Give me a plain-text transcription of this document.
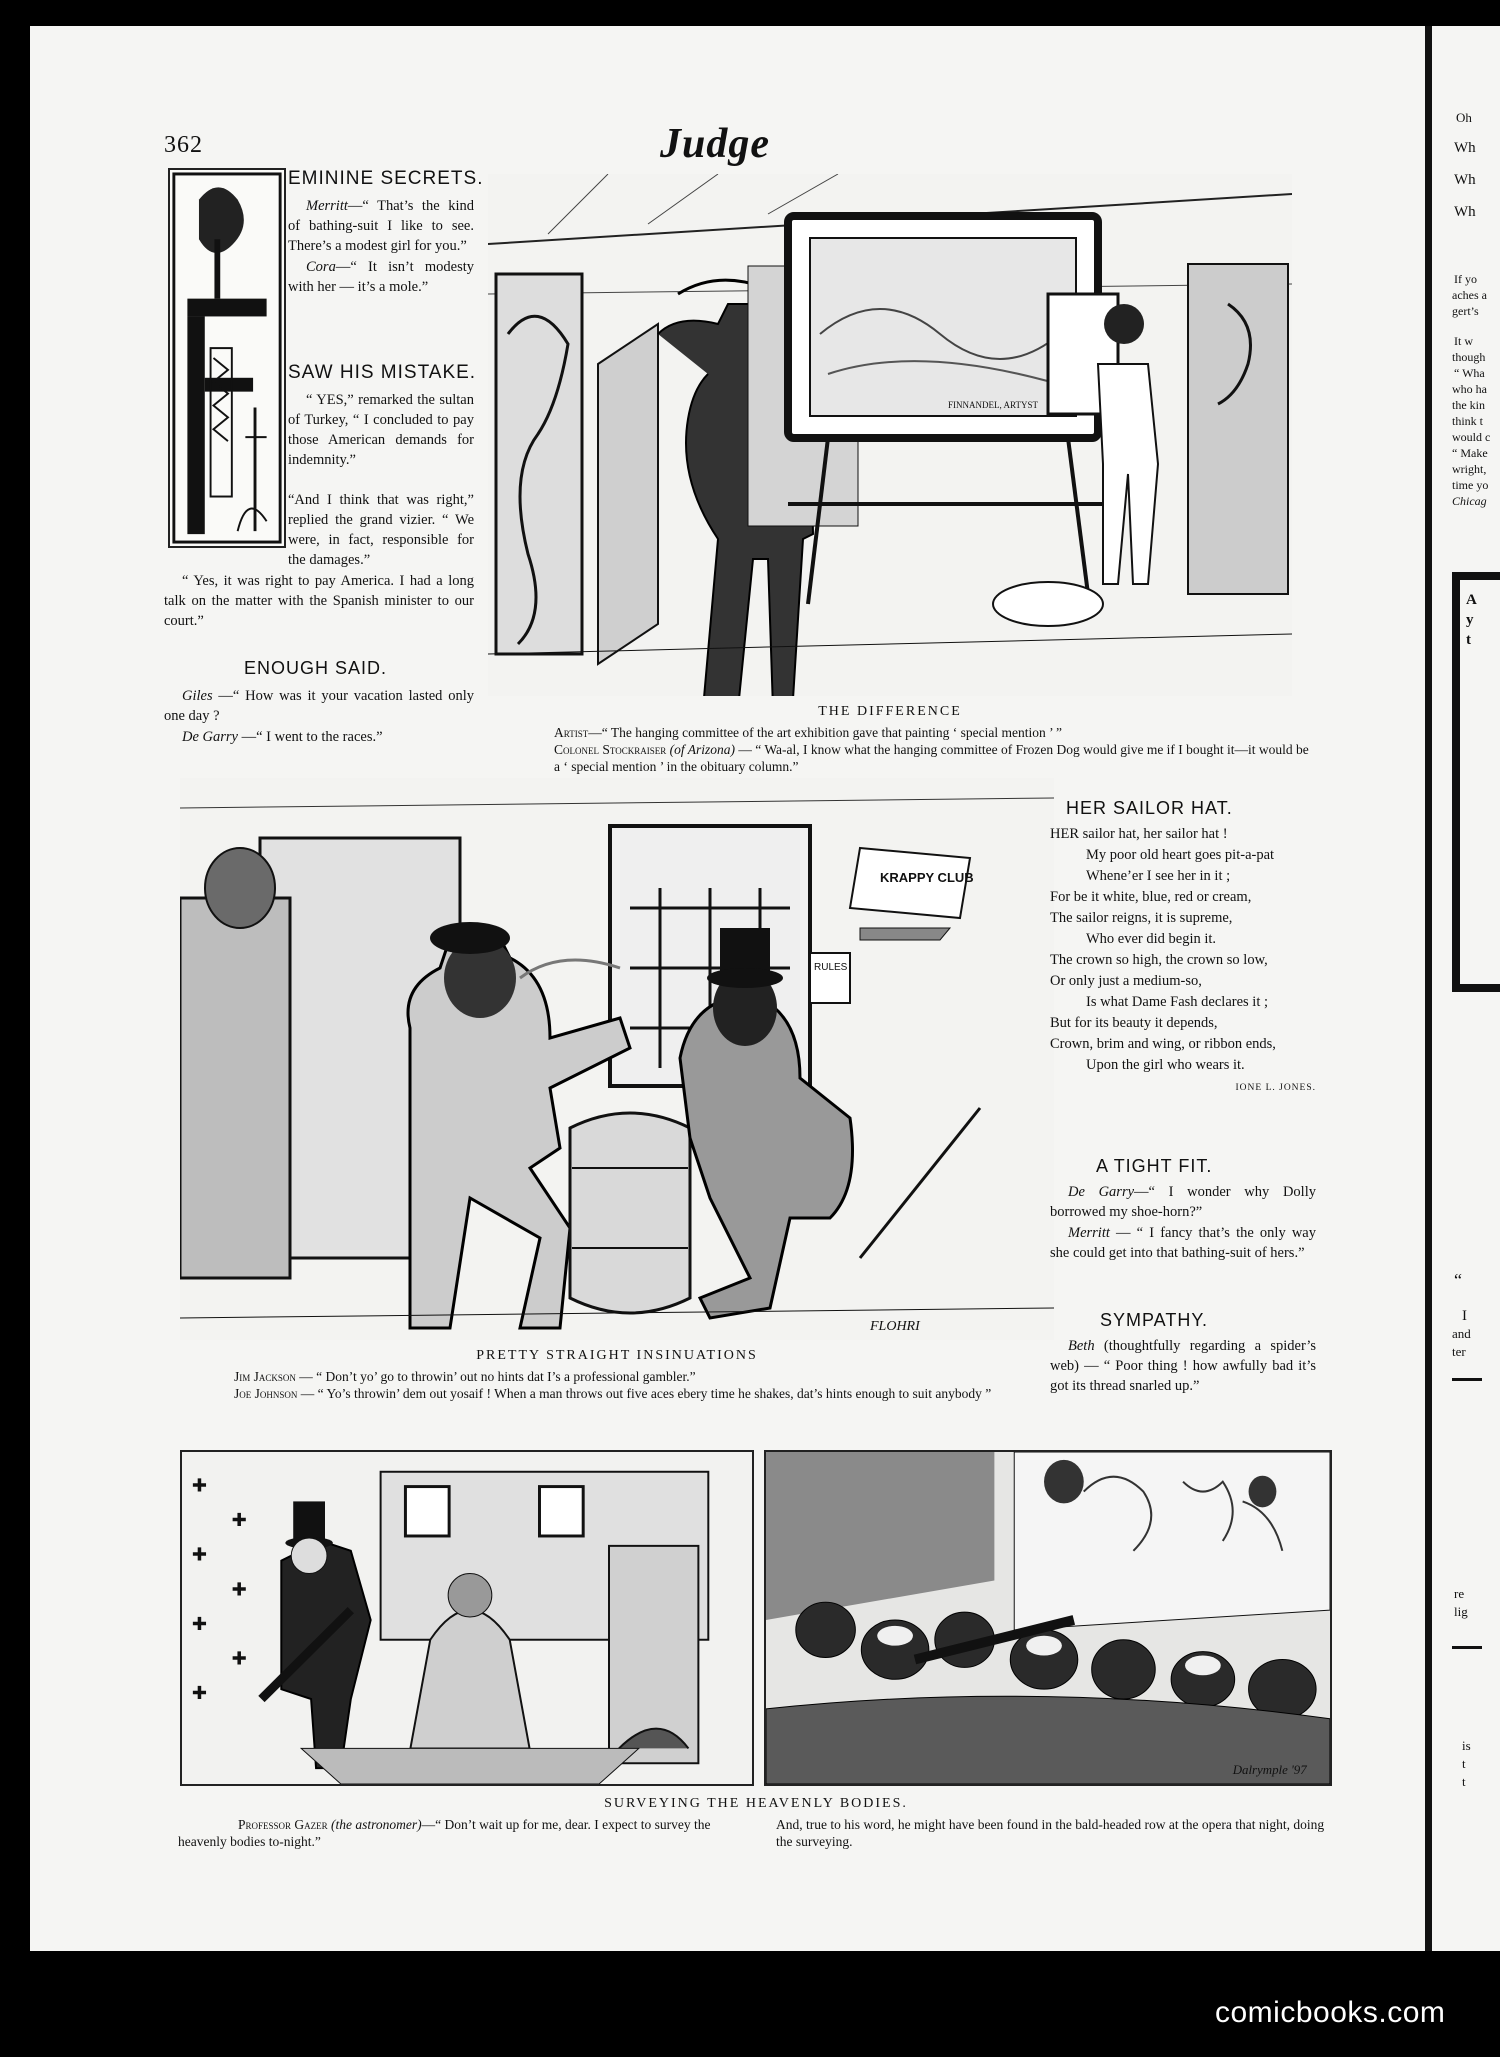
362	Judge
EMININE SECRETS.

Merritt—“ That’s the kind of bathing-suit I like to see. There’s a modest girl for you.”

Cora—“ It isn’t modesty with her — it’s a mole.”

SAW HIS MISTAKE.

“ YES,” remarked the sultan of Turkey, “ I concluded to pay those American demands for indemnity.”

“And I think that was right,” replied the grand vizier. “ We were, in fact, responsible for the damages.”

“ Yes, it was right to pay America. I had a long talk on the matter with the Spanish minister to our court.”

ENOUGH SAID.

Giles —“ How was it your vacation lasted only one day ?

De Garry —“ I went to the races.”

FINNANDEL, ARTYST
THE DIFFERENCE

Artist—“ The hanging committee of the art exhibition gave that painting ‘ special mention ’ ”

Colonel Stockraiser (of Arizona) — “ Wa-al, I know what the hanging committee of Frozen Dog would give me if I bought it—it would be a ‘ special mention ’ in the obituary column.”

KRAPPY CLUB
RULES
FLOHRI
PRETTY STRAIGHT INSINUATIONS

Jim Jackson — “ Don’t yo’ go to throwin’ out no hints dat I’s a professional gambler.”

Joe Johnson — “ Yo’s throwin’ dem out yosaif ! When a man throws out five aces ebery time he shakes, dat’s hints enough to suit anybody ”

HER SAILOR HAT.

HER sailor hat, her sailor hat !

My poor old heart goes pit-a-pat

Whene’er I see her in it ;

For be it white, blue, red or cream,

The sailor reigns, it is supreme,

Who ever did begin it.

The crown so high, the crown so low,

Or only just a medium-so,

Is what Dame Fash declares it ;

But for its beauty it depends,

Crown, brim and wing, or ribbon ends,

Upon the girl who wears it.

IONE L. JONES.

A TIGHT FIT.

De Garry—“ I wonder why Dolly borrowed my shoe-horn?”

Merritt — “ I fancy that’s the only way she could get into that bathing-suit of hers.”

SYMPATHY.

Beth (thoughtfully regarding a spider’s web) — “ Poor thing ! how awfully bad it’s got its thread snarled up.”

✚
✚
✚
✚
✚
✚
✚
Dalrymple '97
SURVEYING THE HEAVENLY BODIES.

Professor Gazer (the astronomer)—“ Don’t wait up for me, dear. I expect to survey the heavenly bodies to-night.”

And, true to his word, he might have been found in the bald-headed row at the opera that night, doing the surveying.

Oh
Wh
Wh
Wh
If yo
aches a
gert’s
It w
though
“ Wha
who ha
the kin
think t
would c
“ Make
wright,
time yo
Chicag
A
y
t
“
I
and
ter
re
lig
is
t
t
comicbooks.com
